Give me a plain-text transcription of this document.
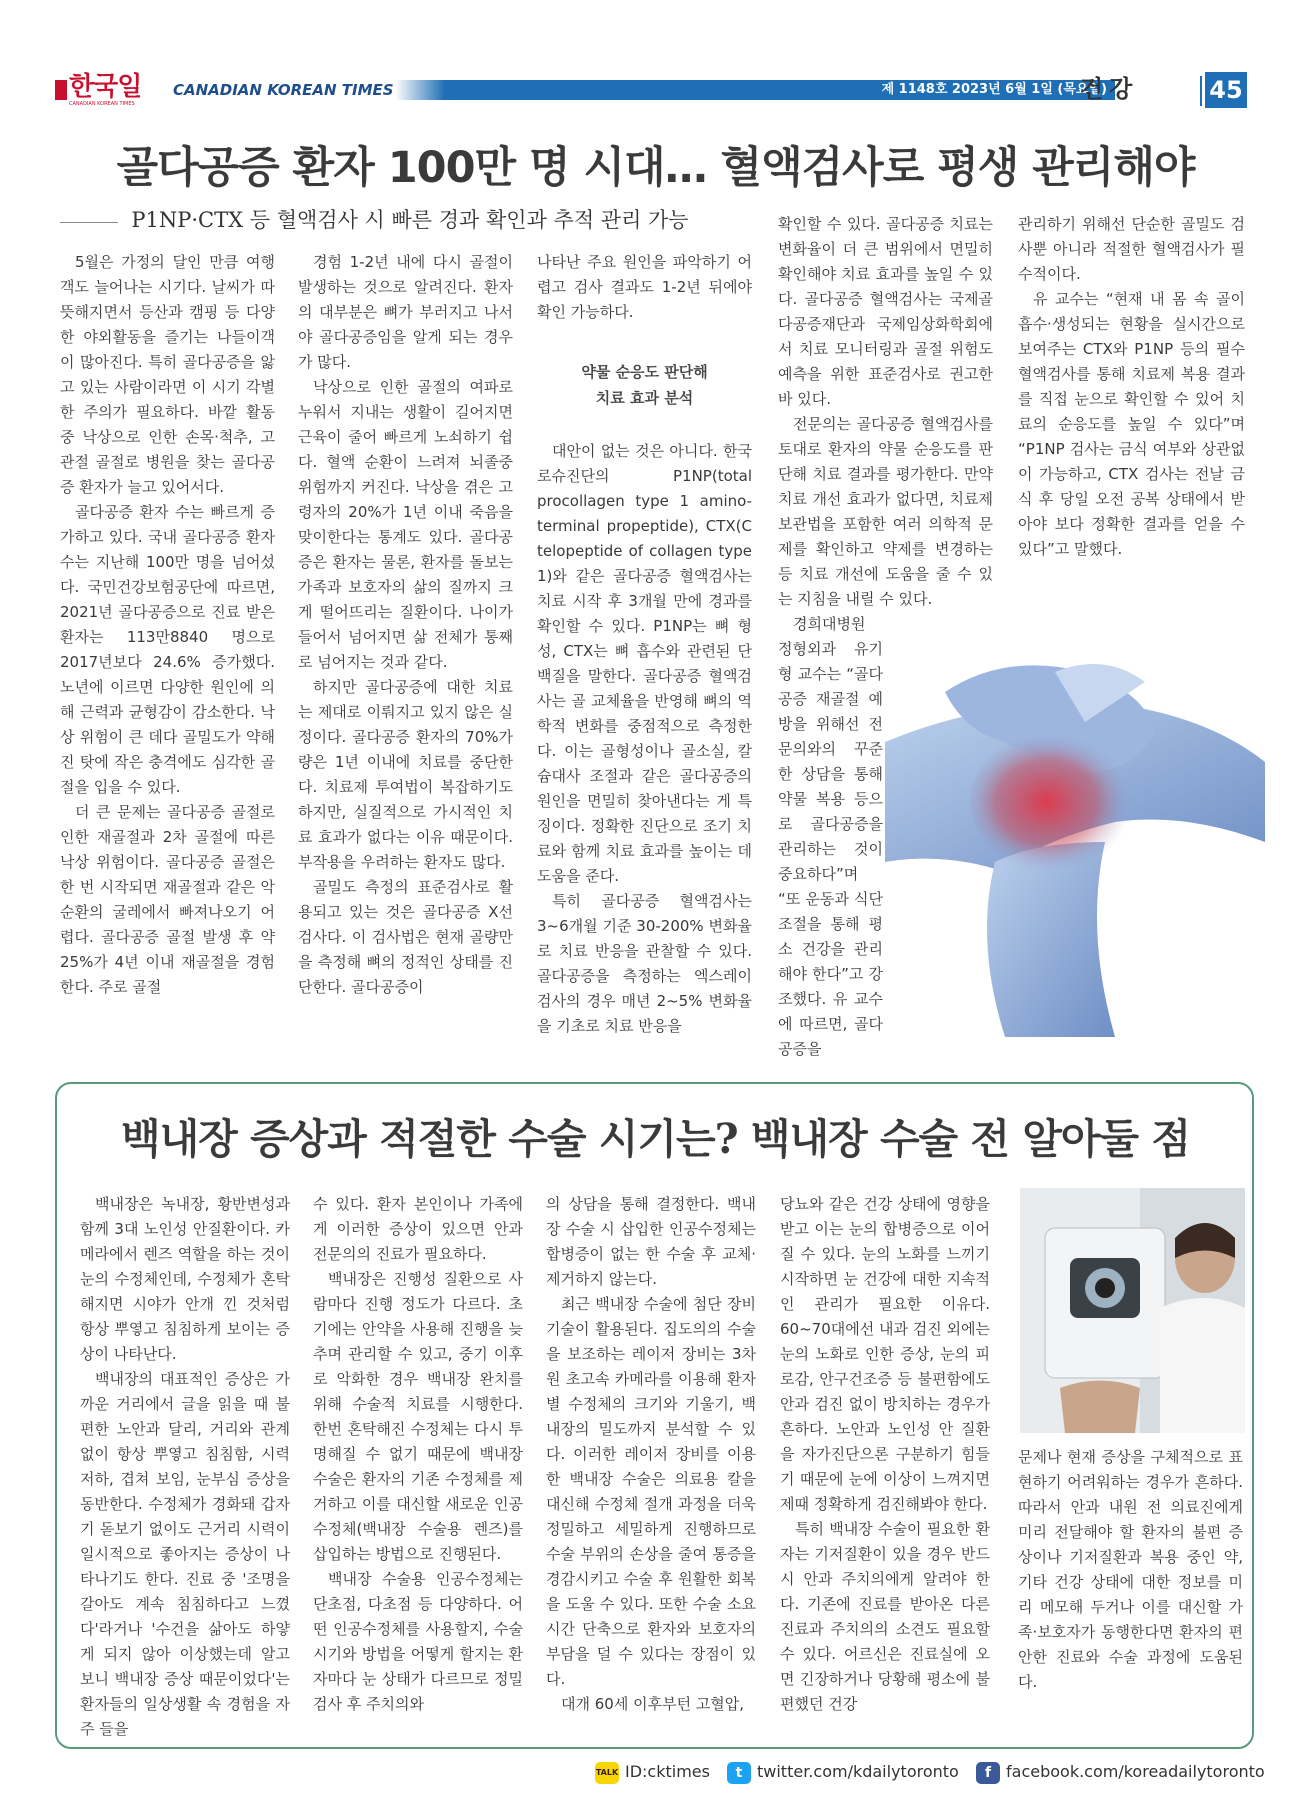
한국일
CANADIAN KOREAN TIMES
CANADIAN KOREAN TIMES	제 1148호 2023년 6월 1일 (목요일)
건강	45
골다공증 환자 100만 명 시대… 혈액검사로 평생 관리해야
P1NP·CTX 등 혈액검사 시 빠른 경과 확인과 추적 관리 가능

5월은 가정의 달인 만큼 여행객도 늘어나는 시기다. 날씨가 따뜻해지면서 등산과 캠핑 등 다양한 야외활동을 즐기는 나들이객이 많아진다. 특히 골다공증을 앓고 있는 사람이라면 이 시기 각별한 주의가 필요하다. 바깥 활동 중 낙상으로 인한 손목·척추, 고관절 골절로 병원을 찾는 골다공증 환자가 늘고 있어서다.

골다공증 환자 수는 빠르게 증가하고 있다. 국내 골다공증 환자 수는 지난해 100만 명을 넘어섰다. 국민건강보험공단에 따르면, 2021년 골다공증으로 진료 받은 환자는 113만8840 명으로 2017년보다 24.6% 증가했다. 노년에 이르면 다양한 원인에 의해 근력과 균형감이 감소한다. 낙상 위험이 큰 데다 골밀도가 약해진 탓에 작은 충격에도 심각한 골절을 입을 수 있다.

더 큰 문제는 골다공증 골절로 인한 재골절과 2차 골절에 따른 낙상 위험이다. 골다공증 골절은 한 번 시작되면 재골절과 같은 악순환의 굴레에서 빠져나오기 어렵다. 골다공증 골절 발생 후 약 25%가 4년 이내 재골절을 경험한다. 주로 골절

경험 1-2년 내에 다시 골절이 발생하는 것으로 알려진다. 환자의 대부분은 뼈가 부러지고 나서야 골다공증임을 알게 되는 경우가 많다.

낙상으로 인한 골절의 여파로 누워서 지내는 생활이 길어지면 근육이 줄어 빠르게 노쇠하기 쉽다. 혈액 순환이 느려져 뇌졸중 위험까지 커진다. 낙상을 겪은 고령자의 20%가 1년 이내 죽음을 맞이한다는 통계도 있다. 골다공증은 환자는 물론, 환자를 돌보는 가족과 보호자의 삶의 질까지 크게 떨어뜨리는 질환이다. 나이가 들어서 넘어지면 삶 전체가 통째로 넘어지는 것과 같다.

하지만 골다공증에 대한 치료는 제대로 이뤄지고 있지 않은 실정이다. 골다공증 환자의 70%가량은 1년 이내에 치료를 중단한다. 치료제 투여법이 복잡하기도 하지만, 실질적으로 가시적인 치료 효과가 없다는 이유 때문이다. 부작용을 우려하는 환자도 많다.

골밀도 측정의 표준검사로 활용되고 있는 것은 골다공증 X선 검사다. 이 검사법은 현재 골량만을 측정해 뼈의 정적인 상태를 진단한다. 골다공증이

나타난 주요 원인을 파악하기 어렵고 검사 결과도 1-2년 뒤에야 확인 가능하다.

약물 순응도 판단해
치료 효과 분석

대안이 없는 것은 아니다. 한국로슈진단의 P1NP(total procollagen type 1 amino-terminal propeptide), CTX(C telopeptide of collagen type 1)와 같은 골다공증 혈액검사는 치료 시작 후 3개월 만에 경과를 확인할 수 있다. P1NP는 뼈 형성, CTX는 뼈 흡수와 관련된 단백질을 말한다. 골다공증 혈액검사는 골 교체율을 반영해 뼈의 역학적 변화를 중점적으로 측정한다. 이는 골형성이나 골소실, 칼슘대사 조절과 같은 골다공증의 원인을 면밀히 찾아낸다는 게 특징이다. 정확한 진단으로 조기 치료와 함께 치료 효과를 높이는 데 도움을 준다.

특히 골다공증 혈액검사는 3~6개월 기준 30-200% 변화율로 치료 반응을 관찰할 수 있다. 골다공증을 측정하는 엑스레이 검사의 경우 매년 2~5% 변화율을 기초로 치료 반응을

확인할 수 있다. 골다공증 치료는 변화율이 더 큰 범위에서 면밀히 확인해야 치료 효과를 높일 수 있다. 골다공증 혈액검사는 국제골다공증재단과 국제임상화학회에서 치료 모니터링과 골절 위험도 예측을 위한 표준검사로 권고한 바 있다.

전문의는 골다공증 혈액검사를 토대로 환자의 약물 순응도를 판단해 치료 결과를 평가한다. 만약 치료 개선 효과가 없다면, 치료제 보관법을 포함한 여러 의학적 문제를 확인하고 약제를 변경하는 등 치료 개선에 도움을 줄 수 있는 지침을 내릴 수 있다.

경희대병원 정형외과 유기형 교수는 “골다공증 재골절 예방을 위해선 전문의와의 꾸준한 상담을 통해 약물 복용 등으로 골다공증을 관리하는 것이 중요하다”며 “또 운동과 식단 조절을 통해 평소 건강을 관리해야 한다”고 강조했다. 유 교수에 따르면, 골다공증을

관리하기 위해선 단순한 골밀도 검사뿐 아니라 적절한 혈액검사가 필수적이다.

유 교수는 “현재 내 몸 속 골이 흡수·생성되는 현황을 실시간으로 보여주는 CTX와 P1NP 등의 필수 혈액검사를 통해 치료제 복용 결과를 직접 눈으로 확인할 수 있어 치료의 순응도를 높일 수 있다”며 “P1NP 검사는 금식 여부와 상관없이 가능하고, CTX 검사는 전날 금식 후 당일 오전 공복 상태에서 받아야 보다 정확한 결과를 얻을 수 있다”고 말했다.

백내장 증상과 적절한 수술 시기는? 백내장 수술 전 알아둘 점

백내장은 녹내장, 황반변성과 함께 3대 노인성 안질환이다. 카메라에서 렌즈 역할을 하는 것이 눈의 수정체인데, 수정체가 혼탁해지면 시야가 안개 낀 것처럼 항상 뿌옇고 침침하게 보이는 증상이 나타난다.

백내장의 대표적인 증상은 가까운 거리에서 글을 읽을 때 불편한 노안과 달리, 거리와 관계없이 항상 뿌옇고 침침함, 시력 저하, 겹쳐 보임, 눈부심 증상을 동반한다. 수정체가 경화돼 갑자기 돋보기 없이도 근거리 시력이 일시적으로 좋아지는 증상이 나타나기도 한다. 진료 중 '조명을 갈아도 계속 침침하다고 느꼈다'라거나 '수건을 삶아도 하얗게 되지 않아 이상했는데 알고 보니 백내장 증상 때문이었다'는 환자들의 일상생활 속 경험을 자주 들을

수 있다. 환자 본인이나 가족에게 이러한 증상이 있으면 안과 전문의의 진료가 필요하다.

백내장은 진행성 질환으로 사람마다 진행 정도가 다르다. 초기에는 안약을 사용해 진행을 늦추며 관리할 수 있고, 중기 이후로 악화한 경우 백내장 완치를 위해 수술적 치료를 시행한다. 한번 혼탁해진 수정체는 다시 투명해질 수 없기 때문에 백내장 수술은 환자의 기존 수정체를 제거하고 이를 대신할 새로운 인공수정체(백내장 수술용 렌즈)를 삽입하는 방법으로 진행된다.

백내장 수술용 인공수정체는 단초점, 다초점 등 다양하다. 어떤 인공수정체를 사용할지, 수술 시기와 방법을 어떻게 할지는 환자마다 눈 상태가 다르므로 정밀검사 후 주치의와

의 상담을 통해 결정한다. 백내장 수술 시 삽입한 인공수정체는 합병증이 없는 한 수술 후 교체·제거하지 않는다.

최근 백내장 수술에 첨단 장비 기술이 활용된다. 집도의의 수술을 보조하는 레이저 장비는 3차원 초고속 카메라를 이용해 환자별 수정체의 크기와 기울기, 백내장의 밀도까지 분석할 수 있다. 이러한 레이저 장비를 이용한 백내장 수술은 의료용 칼을 대신해 수정체 절개 과정을 더욱 정밀하고 세밀하게 진행하므로 수술 부위의 손상을 줄여 통증을 경감시키고 수술 후 원활한 회복을 도울 수 있다. 또한 수술 소요 시간 단축으로 환자와 보호자의 부담을 덜 수 있다는 장점이 있다.

대개 60세 이후부턴 고혈압,

당뇨와 같은 건강 상태에 영향을 받고 이는 눈의 합병증으로 이어질 수 있다. 눈의 노화를 느끼기 시작하면 눈 건강에 대한 지속적인 관리가 필요한 이유다. 60~70대에선 내과 검진 외에는 눈의 노화로 인한 증상, 눈의 피로감, 안구건조증 등 불편함에도 안과 검진 없이 방치하는 경우가 흔하다. 노안과 노인성 안 질환을 자가진단으론 구분하기 힘들기 때문에 눈에 이상이 느껴지면 제때 정확하게 검진해봐야 한다.

특히 백내장 수술이 필요한 환자는 기저질환이 있을 경우 반드시 안과 주치의에게 알려야 한다. 기존에 진료를 받아온 다른 진료과 주치의의 소견도 필요할 수 있다. 어르신은 진료실에 오면 긴장하거나 당황해 평소에 불편했던 건강

문제나 현재 증상을 구체적으로 표현하기 어려워하는 경우가 흔하다. 따라서 안과 내원 전 의료진에게 미리 전달해야 할 환자의 불편 증상이나 기저질환과 복용 중인 약, 기타 건강 상태에 대한 정보를 미리 메모해 두거나 이를 대신할 가족·보호자가 동행한다면 환자의 편안한 진료와 수술 과정에 도움된다.

TALK ID:cktimes	t twitter.com/kdailytoronto	f facebook.com/koreadailytoronto
